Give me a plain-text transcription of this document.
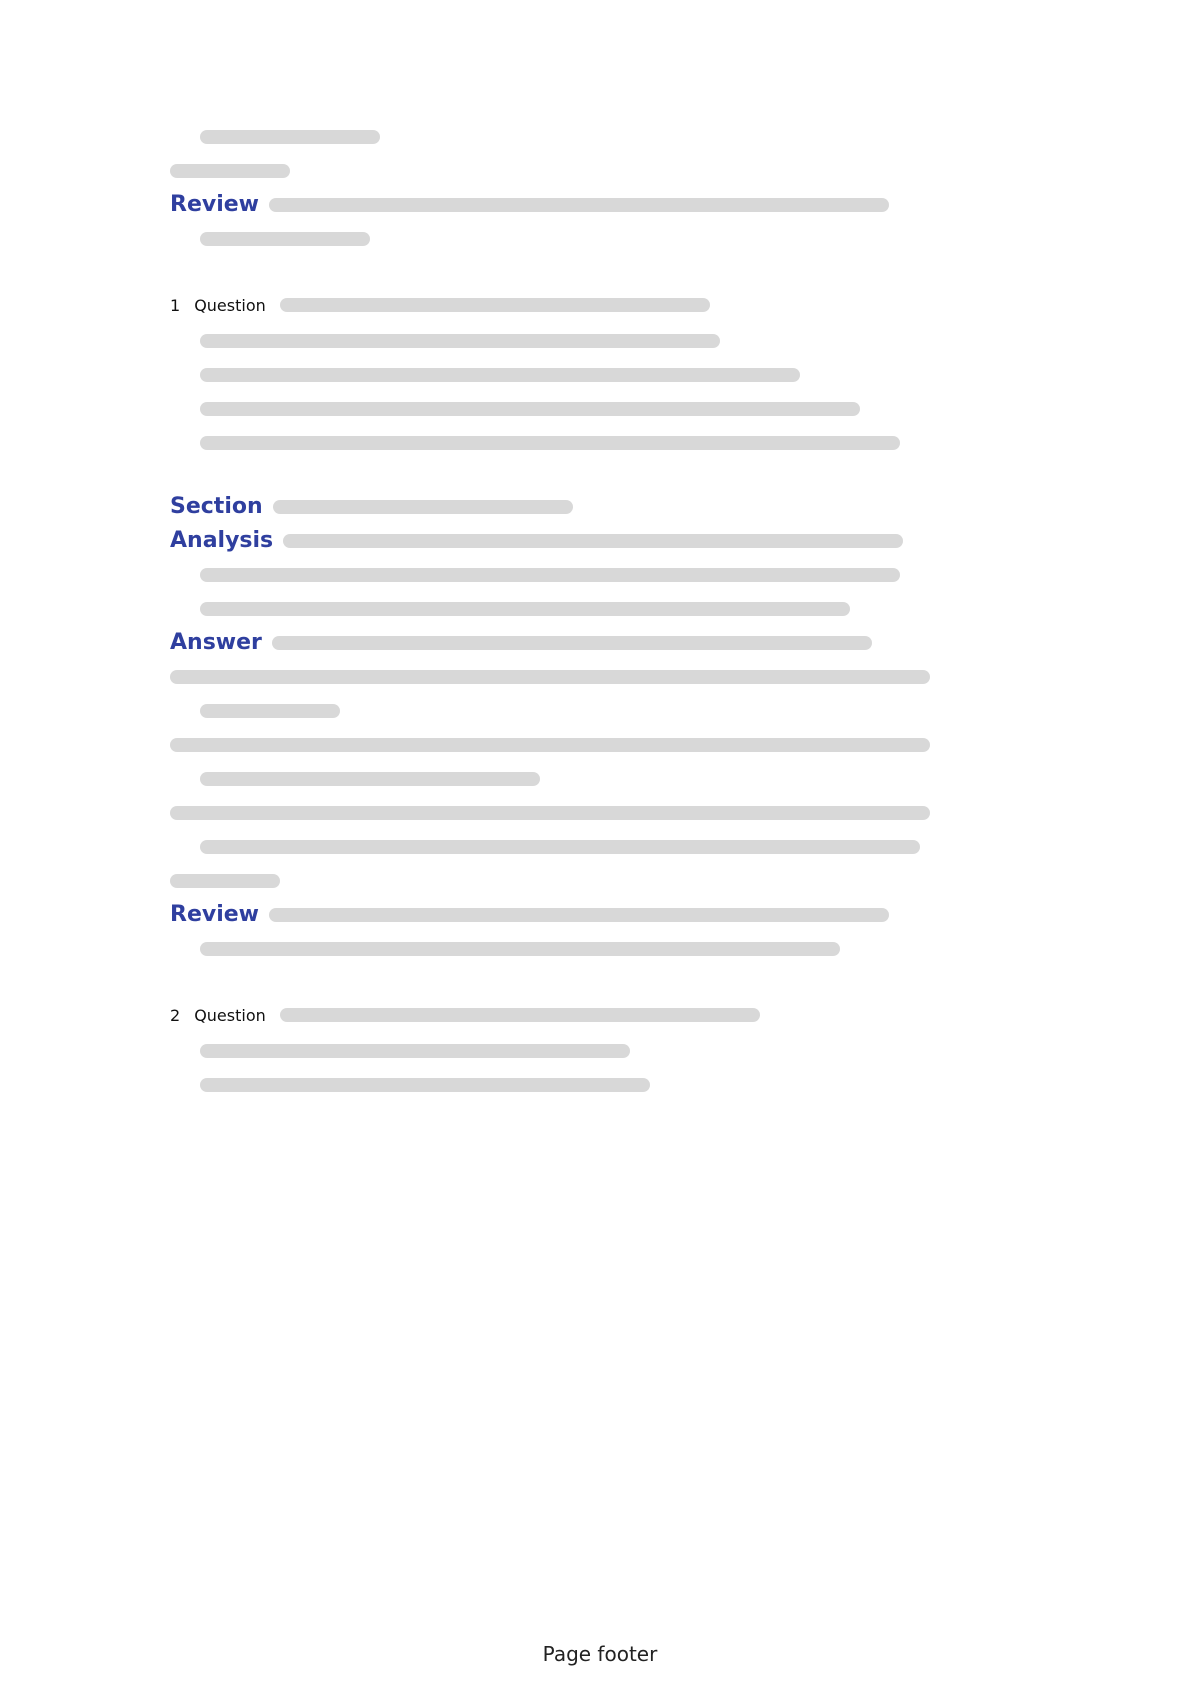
Review
1 Question
Section
Analysis
Answer
Review
2 Question
Page footer
